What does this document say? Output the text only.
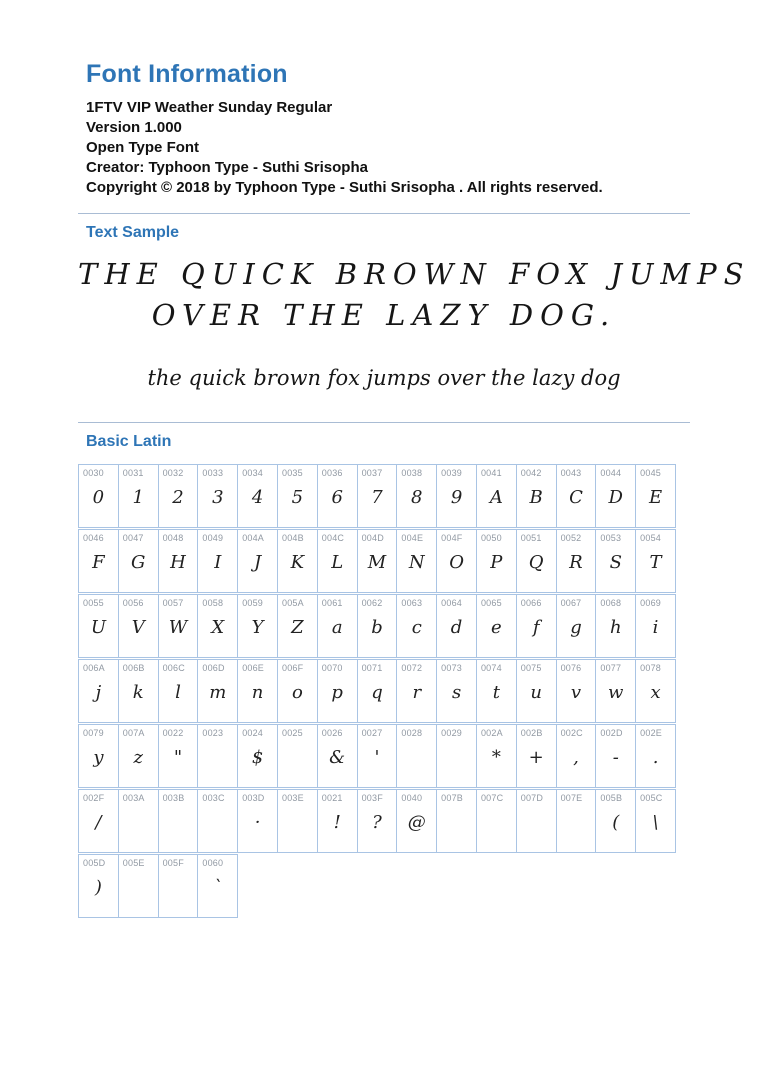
Font Information
1FTV VIP Weather Sunday Regular
Version 1.000
Open Type Font
Creator: Typhoon Type - Suthi Srisopha
Copyright © 2018 by Typhoon Type - Suthi Srisopha . All rights reserved.
Text Sample
THE QUICK BROWN FOX JUMPS
OVER THE LAZY DOG.
the quick brown fox jumps over the lazy dog
Basic Latin
0030
0
0031
1
0032
2
0033
3
0034
4
0035
5
0036
6
0037
7
0038
8
0039
9
0041
A
0042
B
0043
C
0044
D
0045
E
0046
F
0047
G
0048
H
0049
I
004A
J
004B
K
004C
L
004D
M
004E
N
004F
O
0050
P
0051
Q
0052
R
0053
S
0054
T
0055
U
0056
V
0057
W
0058
X
0059
Y
005A
Z
0061
a
0062
b
0063
c
0064
d
0065
e
0066
f
0067
g
0068
h
0069
i
006A
j
006B
k
006C
l
006D
m
006E
n
006F
o
0070
p
0071
q
0072
r
0073
s
0074
t
0075
u
0076
v
0077
w
0078
x
0079
y
007A
z
0022
"
0023 0024
$
0025 0026
&
0027
'
0028 0029 002A
*
002B
+
002C
,
002D
-
002E
.
002F
/
003A 003B 003C 003D
·
003E 0021
!
003F
?
0040
@
007B 007C 007D 007E 005B
(
005C
\
005D
)
005E 005F 0060
`
